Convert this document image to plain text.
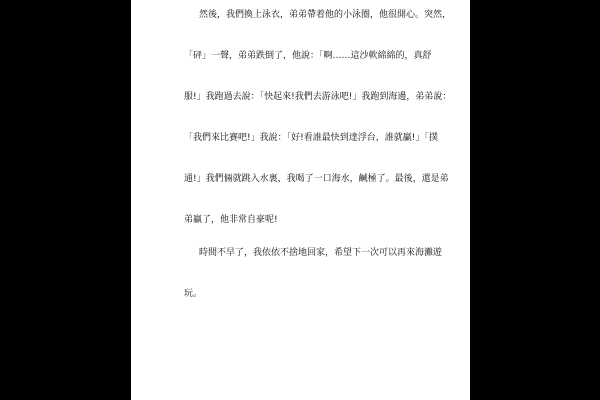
然後，我們換上泳衣，弟弟帶着他的小泳圈，他很開心。突然，
「砰」一聲，弟弟跌倒了，他說：「啊……這沙軟綿綿的，真舒
服!」我跑過去說：「快起來!我們去游泳吧!」我跑到海邊，弟弟說：
「我們來比賽吧!」我說：「好!看誰最快到達浮台，誰就贏!」「撲
通!」我們倆就跳入水裏，我喝了一口海水，鹹極了。最後，還是弟
弟贏了，他非常自豪呢!
時間不早了，我依依不捨地回家，希望下一次可以再來海灘遊
玩。
